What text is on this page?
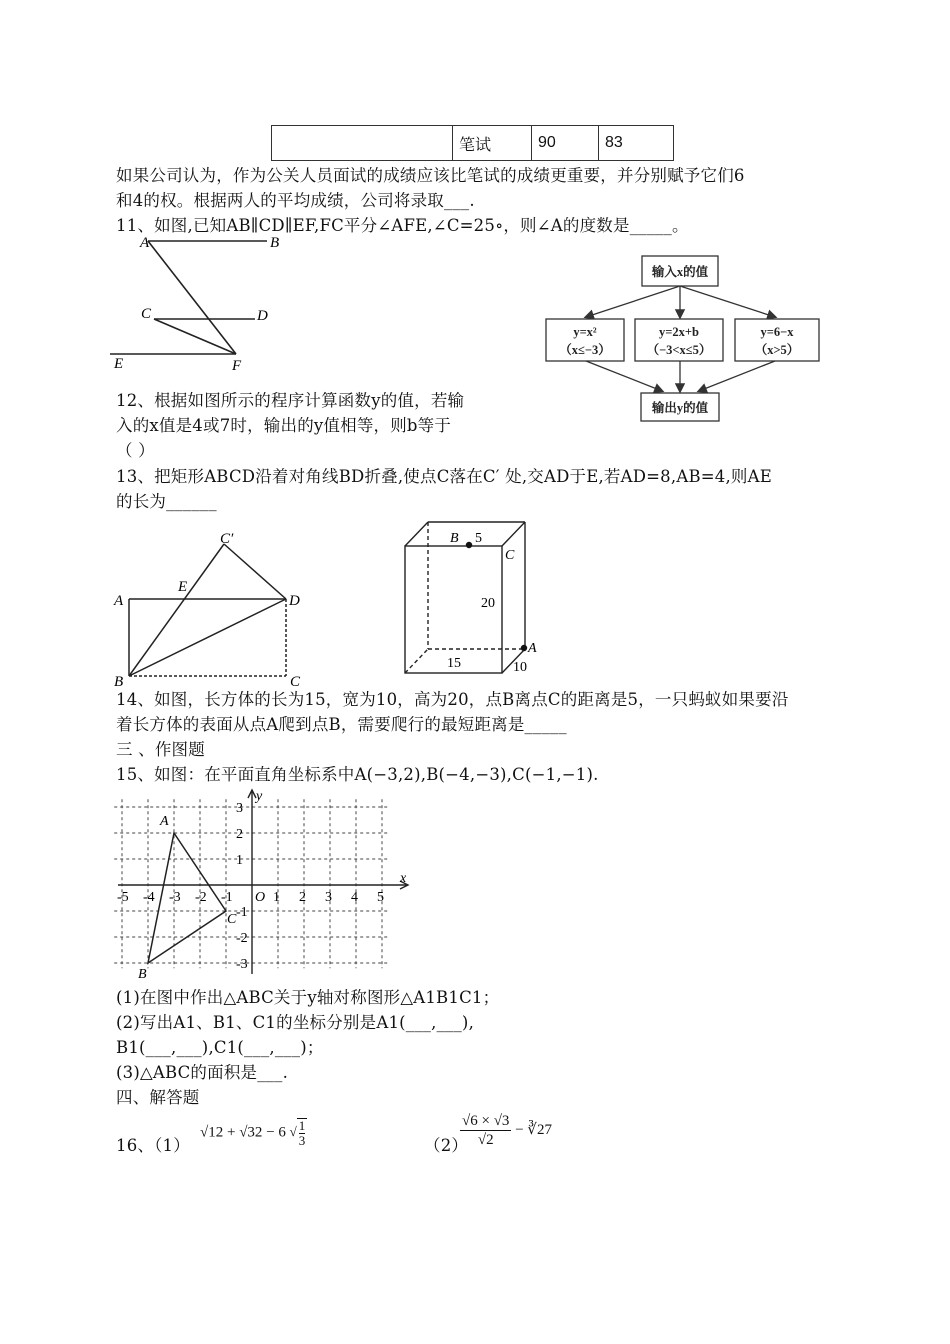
	笔试	90	83
如果公司认为，作为公关人员面试的成绩应该比笔试的成绩更重要，并分别赋予它们6
和4的权。根据两人的平均成绩，公司将录取___.
11、如图,已知AB∥CD∥EF,FC平分∠AFE,∠C=25∘，则∠A的度数是_____。
A	B
C	D
E	F
输入x的值
y=x²
（x≤−3）
y=2x+b
（−3<x≤5）
y=6−x
（x>5）
输出y的值
12、根据如图所示的程序计算函数y的值，若输
入的x值是4或7时，输出的y值相等，则b等于
（ ）
13、把矩形ABCD沿着对角线BD折叠,使点C落在C′ 处,交AD于E,若AD=8,AB=4,则AE
的长为______
A
B	C
D
E
C′	B 5
C
20
A
15	10
14、如图，长方体的长为15，宽为10，高为20，点B离点C的距离是5，一只蚂蚁如果要沿
着长方体的表面从点A爬到点B，需要爬行的最短距离是_____
三 、作图题
15、如图：在平面直角坐标系中A(−3,2),B(−4,−3),C(−1,−1).
-5 -4 -3 -2 -1	1 2 3 4 5
3
2
1
-1
-2
-3
x
y
O
A
B
C
(1)在图中作出△ABC关于y轴对称图形△A1B1C1；
(2)写出A1、B1、C1的坐标分别是A1(___,___),
B1(___,___),C1(___,___)；
(3)△ABC的面积是___.
四、解答题
16、（1）
√12 + √32 − 6 √ $\frac{1}{3}$	（2）
$\frac{√6 \times √3}{√2}$ − ∛27
